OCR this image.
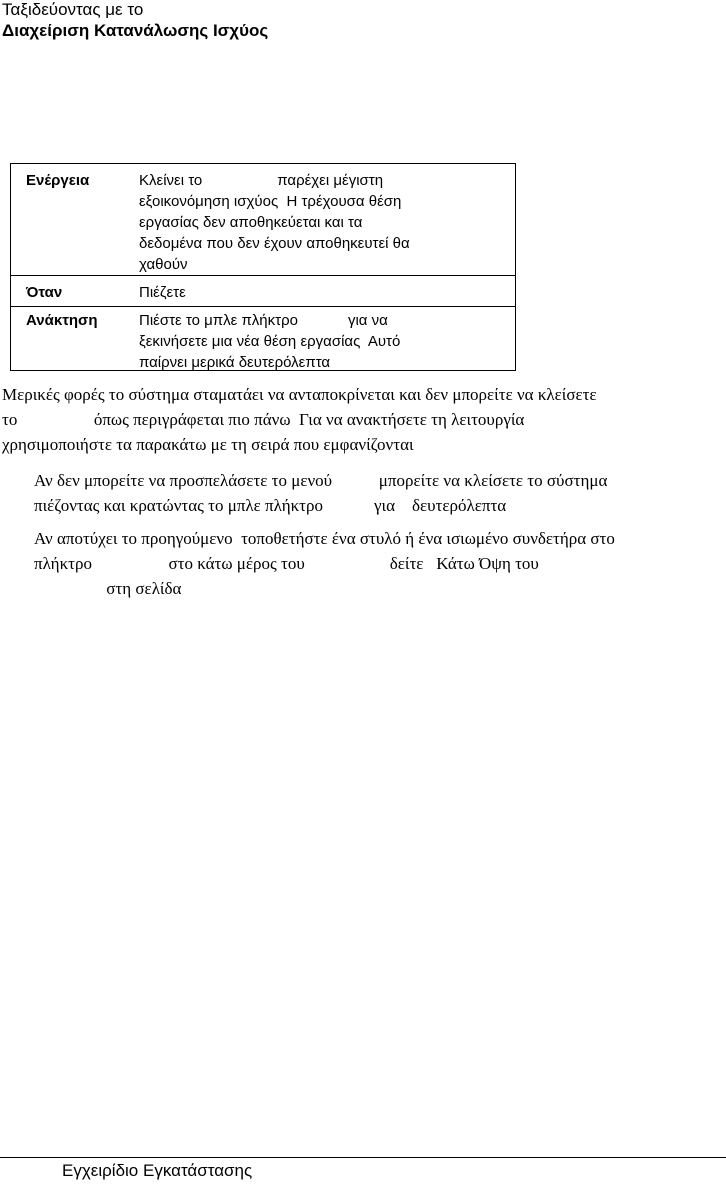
Ταξιδεύοντας με το
Διαχείριση Κατανάλωσης Ισχύος
Ενέργεια	Κλείνει το                  παρέχει μέγιστη
εξοικονόμηση ισχύος  Η τρέχουσα θέση
εργασίας δεν αποθηκεύεται και τα
δεδομένα που δεν έχουν αποθηκευτεί θα
χαθούν
Όταν	Πιέζετε
Ανάκτηση	Πιέστε το μπλε πλήκτρο            για να
ξεκινήσετε μια νέα θέση εργασίας  Αυτό
παίρνει μερικά δευτερόλεπτα
Μερικές φορές το σύστημα σταματάει να ανταποκρίνεται και δεν μπορείτε να κλείσετε
το                  όπως περιγράφεται πιο πάνω  Για να ανακτήσετε τη λειτουργία
χρησιμοποιήστε τα παρακάτω με τη σειρά που εμφανίζονται
Αν δεν μπορείτε να προσπελάσετε το μενού           μπορείτε να κλείσετε το σύστημα
πιέζοντας και κρατώντας το μπλε πλήκτρο            για    δευτερόλεπτα
Αν αποτύχει το προηγούμενο  τοποθετήστε ένα στυλό ή ένα ισιωμένο συνδετήρα στο
πλήκτρο                  στο κάτω μέρος του                    δείτε   Κάτω Όψη του
στη σελίδα
Εγχειρίδιο Εγκατάστασης
